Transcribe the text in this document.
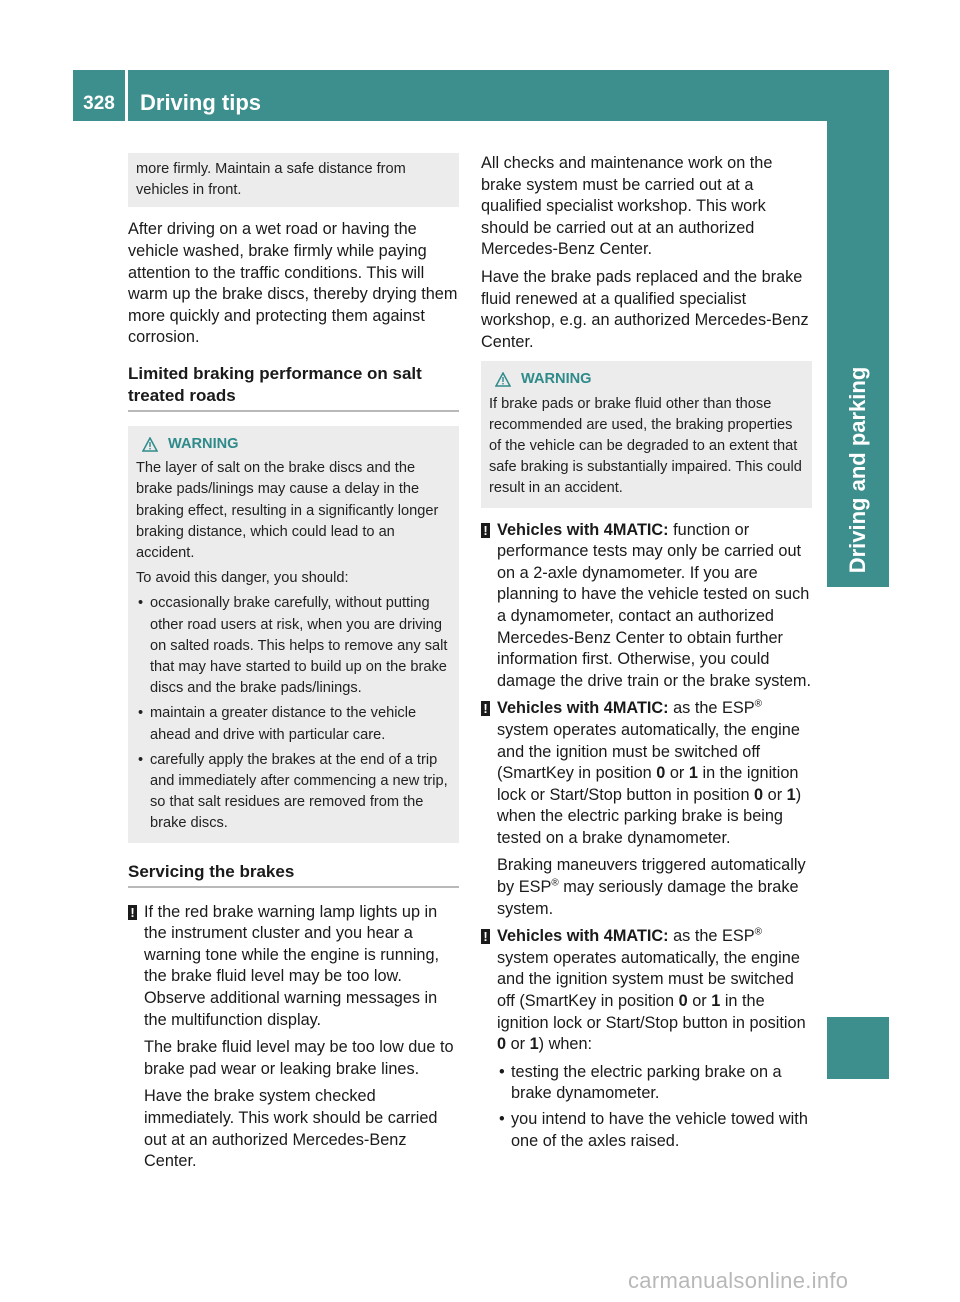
328	Driving tips
Driving and parking

more firmly. Maintain a safe distance from vehicles in front.

After driving on a wet road or having the vehicle washed, brake firmly while paying attention to the traffic conditions. This will warm up the brake discs, thereby drying them more quickly and protecting them against corrosion.

Limited braking performance on salt treated roads
WARNING

The layer of salt on the brake discs and the brake pads/linings may cause a delay in the braking effect, resulting in a significantly longer braking distance, which could lead to an accident.

To avoid this danger, you should:

• occasionally brake carefully, without putting other road users at risk, when you are driving on salted roads. This helps to remove any salt that may have started to build up on the brake discs and the brake pads/linings.
• maintain a greater distance to the vehicle ahead and drive with particular care.
• carefully apply the brakes at the end of a trip and immediately after commencing a new trip, so that salt residues are removed from the brake discs.
Servicing the brakes
! If the red brake warning lamp lights up in the instrument cluster and you hear a warning tone while the engine is running, the brake fluid level may be too low. Observe additional warning messages in the multifunction display.

The brake fluid level may be too low due to brake pad wear or leaking brake lines.

Have the brake system checked immediately. This work should be carried out at an authorized Mercedes-Benz Center.

All checks and maintenance work on the brake system must be carried out at a qualified specialist workshop. This work should be carried out at an authorized Mercedes-Benz Center.

Have the brake pads replaced and the brake fluid renewed at a qualified specialist workshop, e.g. an authorized Mercedes-Benz Center.

WARNING

If brake pads or brake fluid other than those recommended are used, the braking properties of the vehicle can be degraded to an extent that safe braking is substantially impaired. This could result in an accident.

! Vehicles with 4MATIC: function or performance tests may only be carried out on a 2-axle dynamometer. If you are planning to have the vehicle tested on such a dynamometer, contact an authorized Mercedes-Benz Center to obtain further information first. Otherwise, you could damage the drive train or the brake system.

! Vehicles with 4MATIC: as the ESP® system operates automatically, the engine and the ignition must be switched off (SmartKey in position 0 or 1 in the ignition lock or Start/Stop button in position 0 or 1) when the electric parking brake is being tested on a brake dynamometer.

Braking maneuvers triggered automatically by ESP® may seriously damage the brake system.

! Vehicles with 4MATIC: as the ESP® system operates automatically, the engine and the ignition system must be switched off (SmartKey in position 0 or 1 in the ignition lock or Start/Stop button in position 0 or 1) when:

• testing the electric parking brake on a brake dynamometer.
• you intend to have the vehicle towed with one of the axles raised.
carmanualsonline.info
